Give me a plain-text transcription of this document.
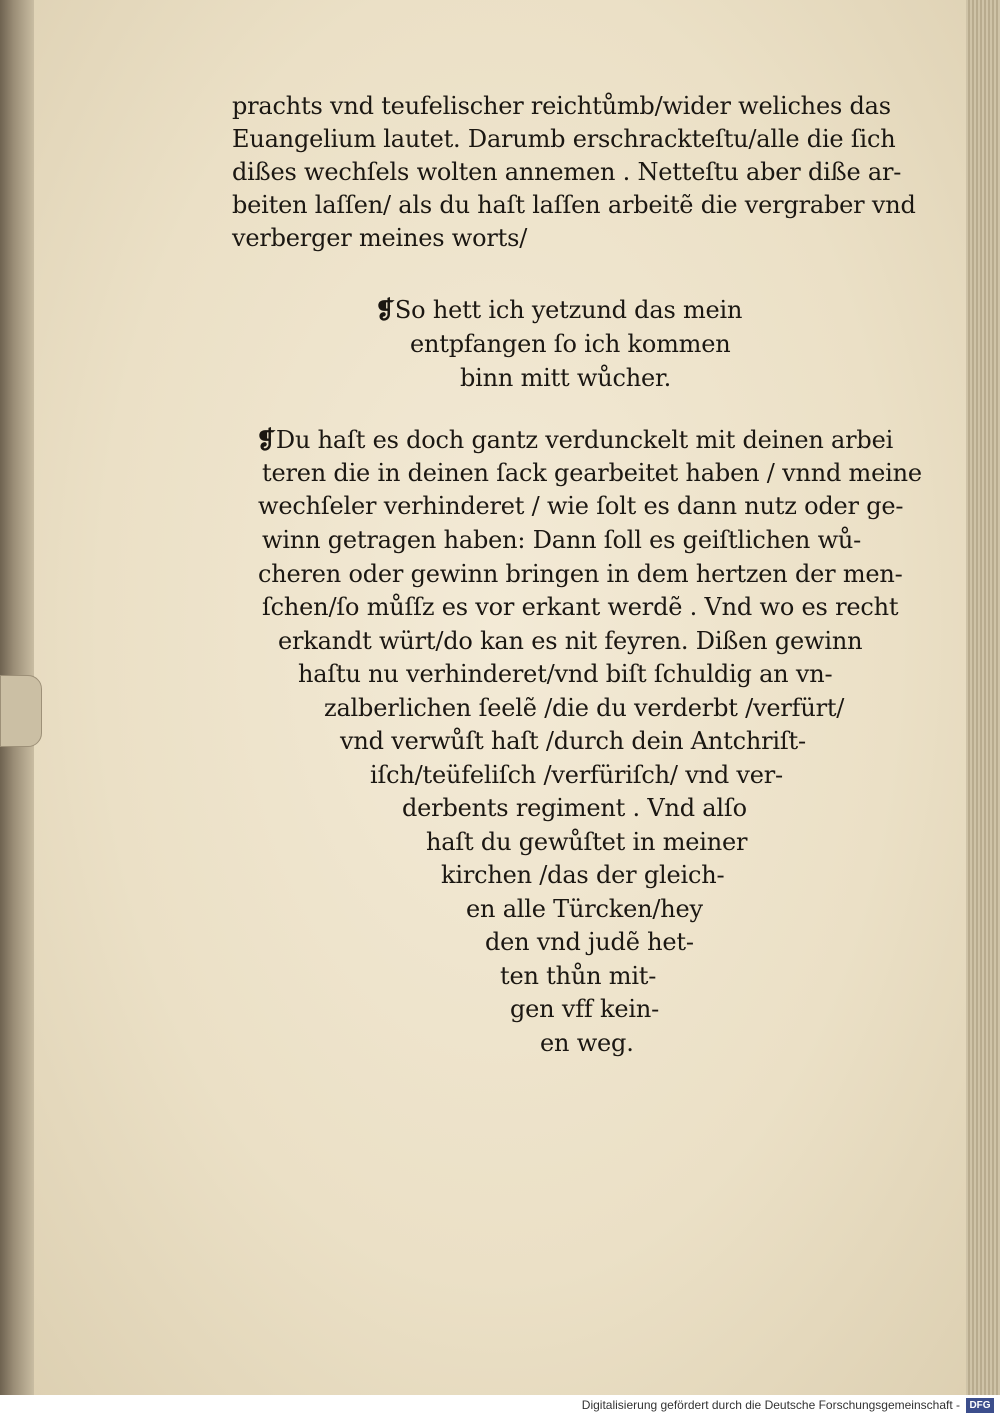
prachts vnd teufelischer reichtůmb/wider weliches das
Euangelium lautet. Darumb erschrackteſtu/alle die ſich
dißes wechſels wolten annemen . Netteſtu aber diße ar-
beiten laſſen/ als du haſt laſſen arbeitẽ die vergraber vnd
verberger meines worts/
❡So hett ich yetzund das mein
entpfangen ſo ich kommen
binn mitt wůcher.
❡Du haſt es doch gantz verdunckelt mit deinen arbei
teren die in deinen ſack gearbeitet haben / vnnd meine
wechſeler verhinderet / wie ſolt es dann nutz oder ge-
winn getragen haben: Dann ſoll es geiſtlichen wů-
cheren oder gewinn bringen in dem hertzen der men-
ſchen/ſo můſſz es vor erkant werdẽ . Vnd wo es recht
erkandt würt/do kan es nit feyren. Dißen gewinn
haſtu nu verhinderet/vnd biſt ſchuldig an vn-
zalberlichen ſeelẽ /die du verderbt /verfürt/
vnd verwůſt haſt /durch dein Antchriſt-
iſch/teüfeliſch /verfüriſch/ vnd ver-
derbents regiment . Vnd alſo
haſt du gewůſtet in meiner
kirchen /das der gleich-
en alle Türcken/hey
den vnd judẽ het-
ten thůn mit-
gen vff kein-
en weg.
Digitalisierung gefördert durch die Deutsche Forschungsgemeinschaft - DFG
